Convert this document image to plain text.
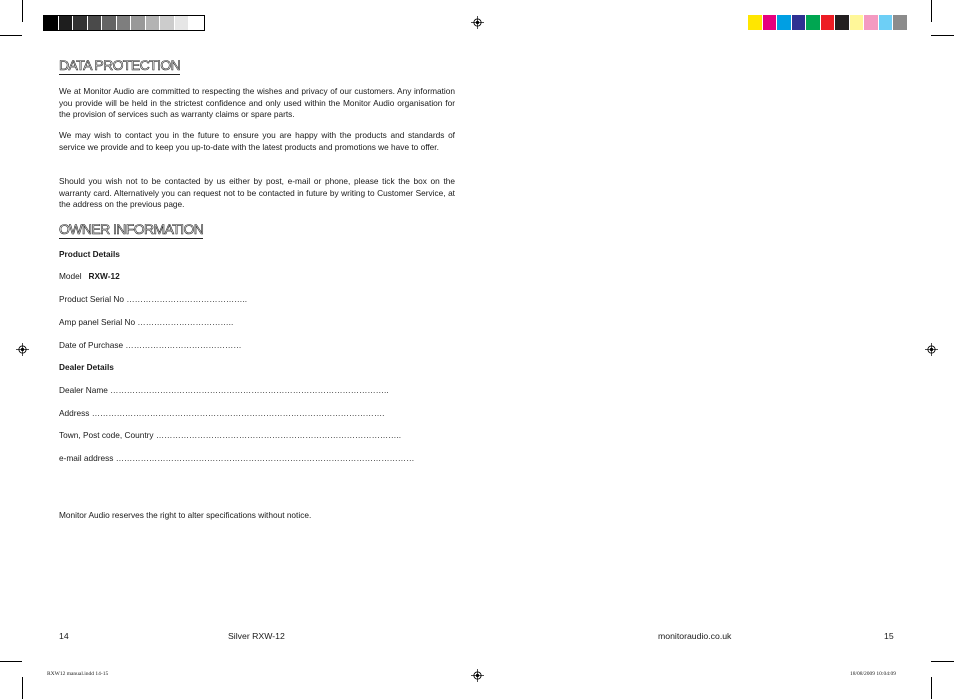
DATA PROTECTION

We at Monitor Audio are committed to respecting the wishes and privacy of our customers. Any information you provide will be held in the strictest confidence and only used within the Monitor Audio organisation for the provision of services such as warranty claims or spare parts.

We may wish to contact you in the future to ensure you are happy with the products and standards of service we provide and to keep you up-to-date with the latest products and promotions we have to offer.

Should you wish not to be contacted by us either by post, e-mail or phone, please tick the box on the warranty card. Alternatively you can request not to be contacted in future by writing to Customer Service, at the address on the previous page.

OWNER INFORMATION
Product Details
Model RXW-12
Product Serial No ……………………………………..
Amp panel Serial No ……………………………..
Date of Purchase ……………………………………
Dealer Details
Dealer Name ………………………………………………………………………………………..
Address …………………………………………………………………………………………….
Town, Post code, Country ……………………………………………………………………………..
e-mail address ………………………………………………………………………………………………
Monitor Audio reserves the right to alter specifications without notice.
14	Silver RXW-12	monitoraudio.co.uk	15
RXW12 manual.indd 14-15	18/08/2009 10:04:09
